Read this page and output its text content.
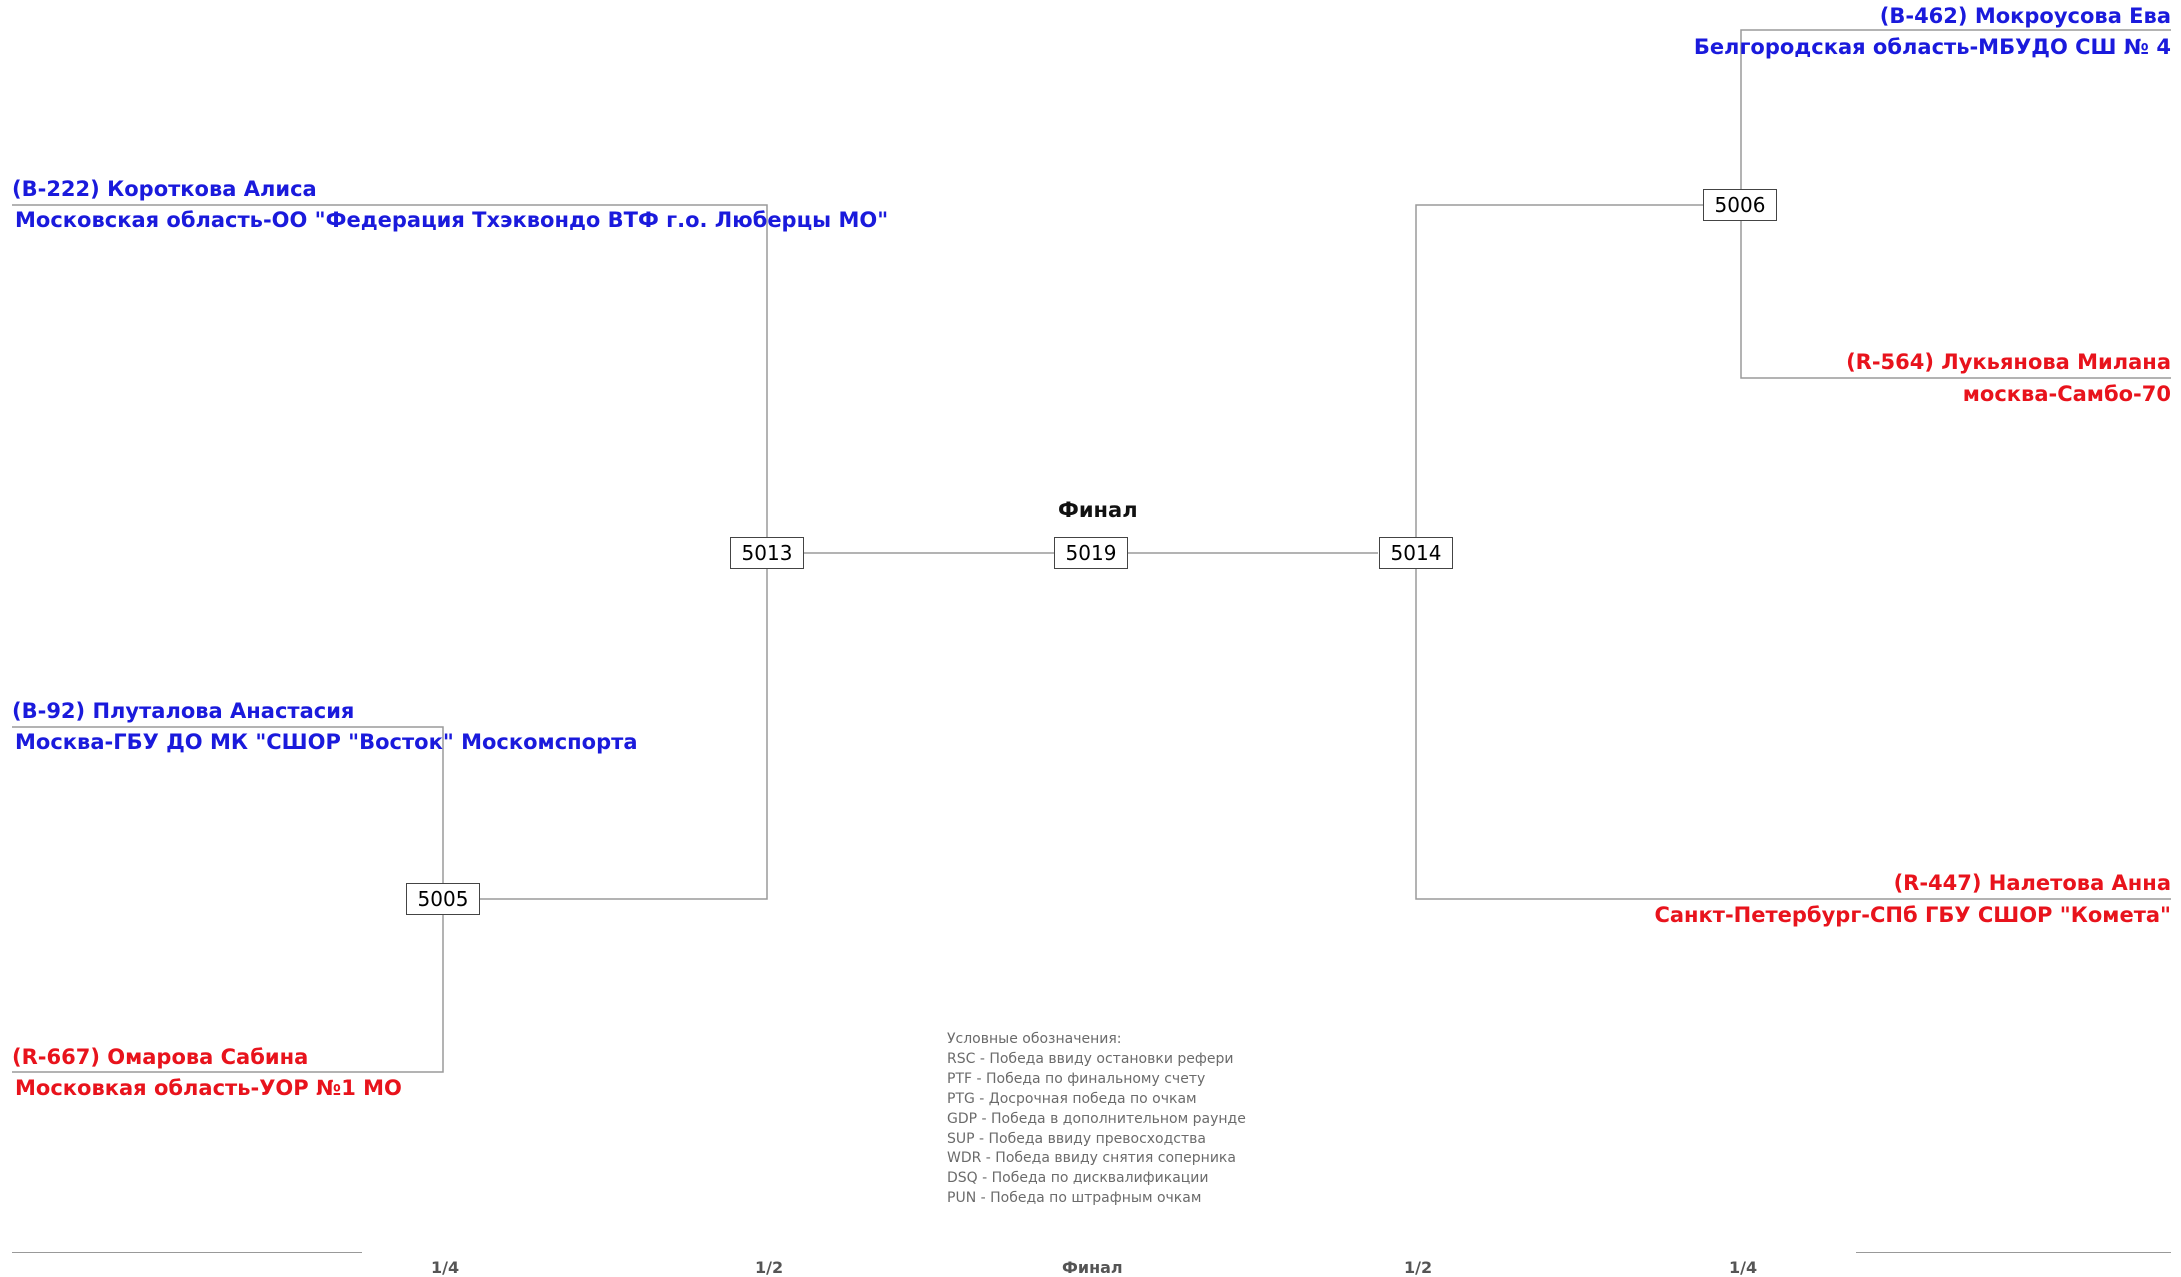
(B-462) Мокроусова Ева
Белгородская область-МБУДО СШ № 4
(B-222) Короткова Алиса
Московская область-ОО "Федерация Тхэквондо ВТФ г.о. Люберцы МО"
(R-564) Лукьянова Милана
москва-Самбо-70
(B-92) Плуталова Анастасия
Москва-ГБУ ДО МК "СШОР "Восток" Москомспорта
(R-447) Налетова Анна
Санкт-Петербург-СПб ГБУ СШОР "Комета"
(R-667) Омарова Сабина
Московкая область-УОР №1 МО
5006
5013	5019	5014
5005
Финал
Условные обозначения:
RSC - Победа ввиду остановки рефери
PTF - Победа по финальному счету
PTG - Досрочная победа по очкам
GDP - Победа в дополнительном раунде
SUP - Победа ввиду превосходства
WDR - Победа ввиду снятия соперника
DSQ - Победа по дисквалификации
PUN - Победа по штрафным очкам
1/4	1/2	Финал	1/2	1/4
